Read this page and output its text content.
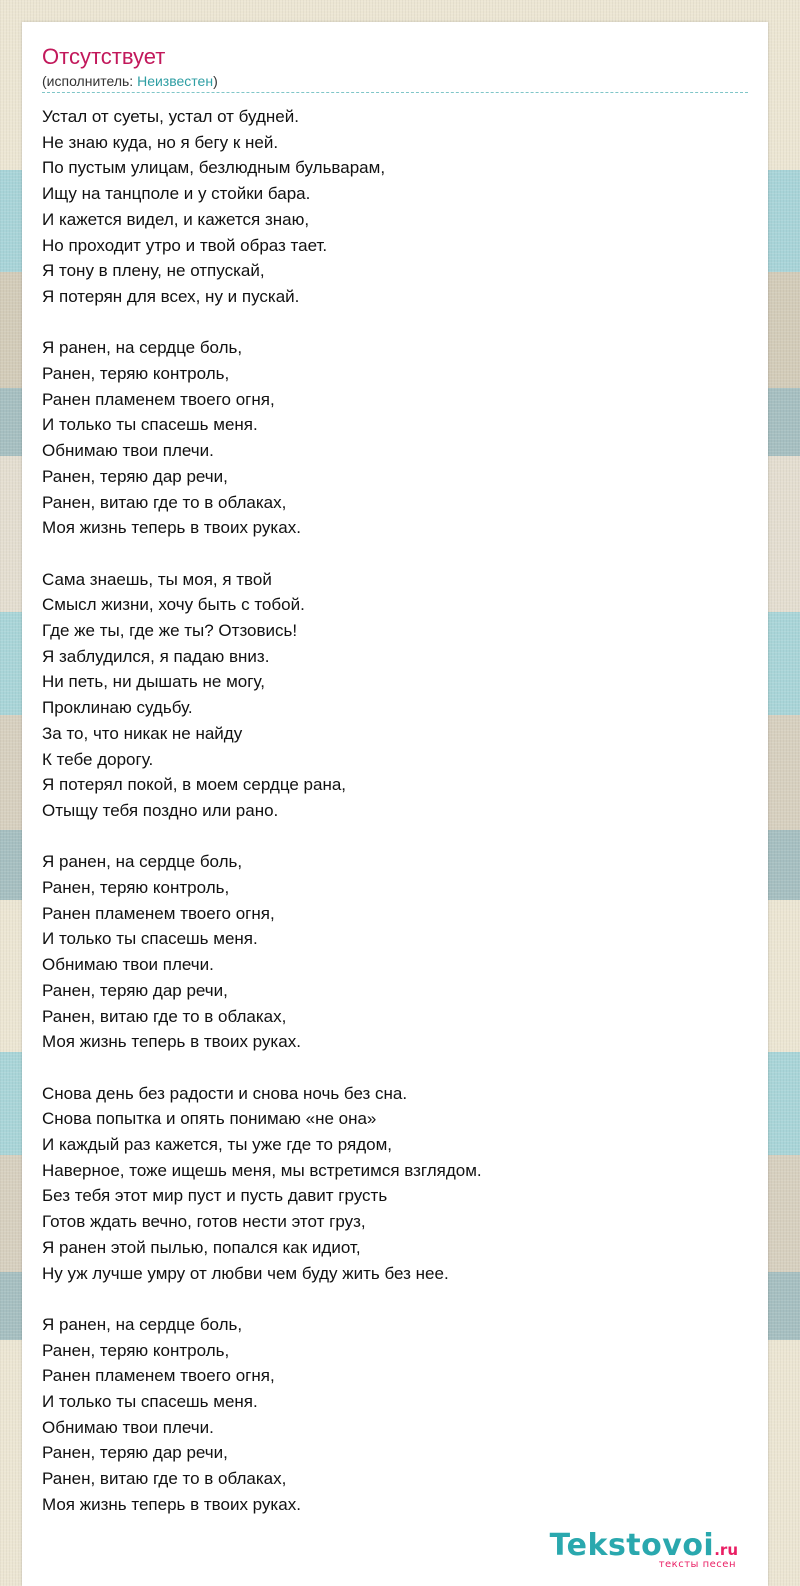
Отсутствует
(исполнитель: Неизвестен)
Устал от суеты, устал от будней.
Не знаю куда, но я бегу к ней.
По пустым улицам, безлюдным бульварам,
Ищу на танцполе и у стойки бара.
И кажется видел, и кажется знаю,
Но проходит утро и твой образ тает.
Я тону в плену, не отпускай,
Я потерян для всех, ну и пускай.
Я ранен, на сердце боль,
Ранен, теряю контроль,
Ранен пламенем твоего огня,
И только ты спасешь меня.
Обнимаю твои плечи.
Ранен, теряю дар речи,
Ранен, витаю где то в облаках,
Моя жизнь теперь в твоих руках.
Сама знаешь, ты моя, я твой
Смысл жизни, хочу быть с тобой.
Где же ты, где же ты? Отзовись!
Я заблудился, я падаю вниз.
Ни петь, ни дышать не могу,
Проклинаю судьбу.
За то, что никак не найду
К тебе дорогу.
Я потерял покой, в моем сердце рана,
Отыщу тебя поздно или рано.
Я ранен, на сердце боль,
Ранен, теряю контроль,
Ранен пламенем твоего огня,
И только ты спасешь меня.
Обнимаю твои плечи.
Ранен, теряю дар речи,
Ранен, витаю где то в облаках,
Моя жизнь теперь в твоих руках.
Снова день без радости и снова ночь без сна.
Снова попытка и опять понимаю «не она»
И каждый раз кажется, ты уже где то рядом,
Наверное, тоже ищешь меня, мы встретимся взглядом.
Без тебя этот мир пуст и пусть давит грусть
Готов ждать вечно, готов нести этот груз,
Я ранен этой пылью, попался как идиот,
Ну уж лучше умру от любви чем буду жить без нее.
Я ранен, на сердце боль,
Ранен, теряю контроль,
Ранен пламенем твоего огня,
И только ты спасешь меня.
Обнимаю твои плечи.
Ранен, теряю дар речи,
Ранен, витаю где то в облаках,
Моя жизнь теперь в твоих руках.
Tekstovoi.ru
тексты песен
